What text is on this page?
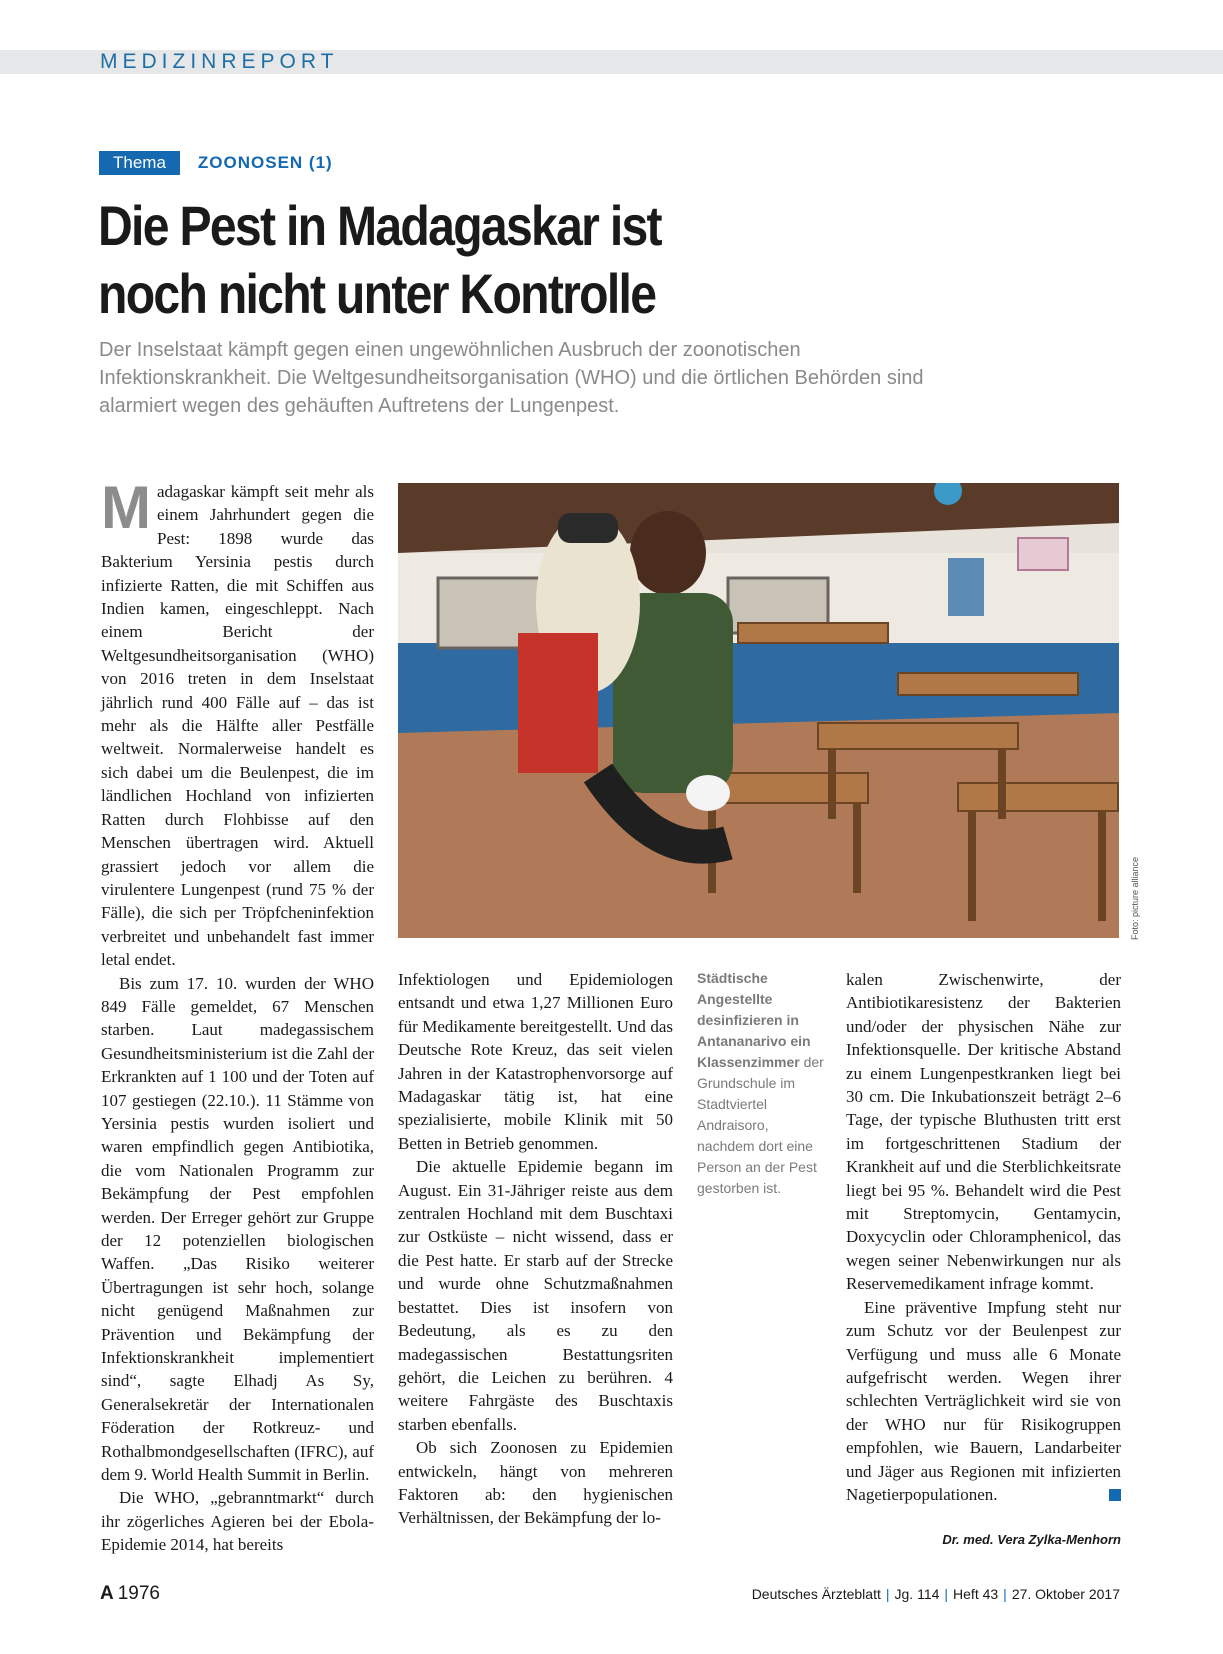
MEDIZINREPORT
Thema	ZOONOSEN (1)
Die Pest in Madagaskar ist
noch nicht unter Kontrolle

Der Inselstaat kämpft gegen einen ungewöhnlichen Ausbruch der zoonotischen Infektionskrankheit. Die Weltgesundheitsorganisation (WHO) und die örtlichen Behörden sind alarmiert wegen des gehäuften Auftretens der Lungenpest.

Madagaskar kämpft seit mehr als einem Jahrhundert gegen die Pest: 1898 wurde das Bakterium Yersinia pestis durch infizierte Ratten, die mit Schiffen aus Indien kamen, eingeschleppt. Nach einem Bericht der Weltgesundheitsorganisation (WHO) von 2016 treten in dem Inselstaat jährlich rund 400 Fälle auf – das ist mehr als die Hälfte aller Pestfälle weltweit. Normalerweise handelt es sich dabei um die Beulenpest, die im ländlichen Hochland von infizierten Ratten durch Flohbisse auf den Menschen übertragen wird. Aktuell grassiert jedoch vor allem die virulentere Lungenpest (rund 75 % der Fälle), die sich per Tröpfcheninfektion verbreitet und unbehandelt fast immer letal endet.

Bis zum 17. 10. wurden der WHO 849 Fälle gemeldet, 67 Menschen starben. Laut madegassischem Gesundheitsministerium ist die Zahl der Erkrankten auf 1 100 und der Toten auf 107 gestiegen (22.10.). 11 Stämme von Yersinia pestis wurden isoliert und waren empfindlich gegen Antibiotika, die vom Nationalen Programm zur Bekämpfung der Pest empfohlen werden. Der Erreger gehört zur Gruppe der 12 potenziellen biologischen Waffen. „Das Risiko weiterer Übertragungen ist sehr hoch, solange nicht genügend Maßnahmen zur Prävention und Bekämpfung der Infektionskrankheit implementiert sind“, sagte Elhadj As Sy, Generalsekretär der Internationalen Föderation der Rotkreuz- und Rothalbmondgesellschaften (IFRC), auf dem 9. World Health Summit in Berlin.

Die WHO, „gebranntmarkt“ durch ihr zögerliches Agieren bei der Ebola-Epidemie 2014, hat bereits

Foto: picture alliance

Infektiologen und Epidemiologen entsandt und etwa 1,27 Millionen Euro für Medikamente bereitgestellt. Und das Deutsche Rote Kreuz, das seit vielen Jahren in der Katastrophenvorsorge auf Madagaskar tätig ist, hat eine spezialisierte, mobile Klinik mit 50 Betten in Betrieb genommen.

Die aktuelle Epidemie begann im August. Ein 31-Jähriger reiste aus dem zentralen Hochland mit dem Buschtaxi zur Ostküste – nicht wissend, dass er die Pest hatte. Er starb auf der Strecke und wurde ohne Schutzmaßnahmen bestattet. Dies ist insofern von Bedeutung, als es zu den madegassischen Bestattungsriten gehört, die Leichen zu berühren. 4 weitere Fahrgäste des Buschtaxis starben ebenfalls.

Ob sich Zoonosen zu Epidemien entwickeln, hängt von mehreren Faktoren ab: den hygienischen Verhältnissen, der Bekämpfung der lo-

Städtische Angestellte desinfizieren in Antananarivo ein Klassenzimmer der Grundschule im Stadtviertel Andraisoro, nachdem dort eine Person an der Pest gestorben ist.

kalen Zwischenwirte, der Antibiotikaresistenz der Bakterien und/oder der physischen Nähe zur Infektionsquelle. Der kritische Abstand zu einem Lungenpestkranken liegt bei 30 cm. Die Inkubationszeit beträgt 2–6 Tage, der typische Bluthusten tritt erst im fortgeschrittenen Stadium der Krankheit auf und die Sterblichkeitsrate liegt bei 95 %. Behandelt wird die Pest mit Streptomycin, Gentamycin, Doxycyclin oder Chloramphenicol, das wegen seiner Nebenwirkungen nur als Reservemedikament infrage kommt.

Eine präventive Impfung steht nur zum Schutz vor der Beulenpest zur Verfügung und muss alle 6 Monate aufgefrischt werden. Wegen ihrer schlechten Verträglichkeit wird sie von der WHO nur für Risikogruppen empfohlen, wie Bauern, Landarbeiter und Jäger aus Regionen mit infizierten Nagetierpopulationen.

Dr. med. Vera Zylka-Menhorn
A 1976	Deutsches Ärzteblatt | Jg. 114 | Heft 43 | 27. Oktober 2017
